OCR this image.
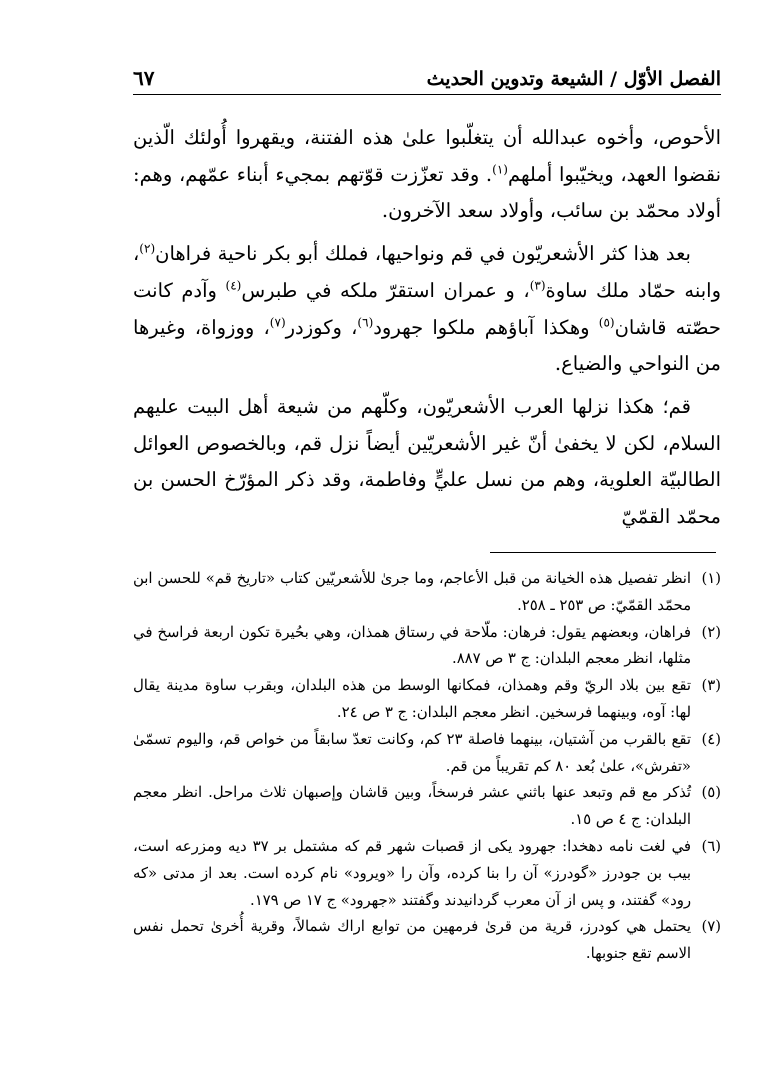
الفصل الأوّل / الشيعة وتدوين الحديث
٦٧

الأحوص، وأخوه عبدالله أن يتغلّبوا علىٰ هذه الفتنة، ويقهروا أُولئك الّذين نقضوا العهد، ويخيّبوا أملهم$^{(١)}$. وقد تعزّزت قوّتهم بمجيء أبناء عمّهم، وهم: أولاد محمّد بن سائب، وأولاد سعد الآخرون.

بعد هذا كثر الأشعريّون في قم ونواحيها، فملك أبو بكر ناحية فراهان$^{(٢)}$، وابنه حمّاد ملك ساوة$^{(٣)}$، و عمران استقرّ ملكه في طبرس$^{(٤)}$ وآدم كانت حصّته قاشان$^{(٥)}$ وهكذا آباؤهم ملكوا جهرود$^{(٦)}$، وكوزدر$^{(٧)}$، ووزواة، وغيرها من النواحي والضياع.

قم؛ هكذا نزلها العرب الأشعريّون، وكلّهم من شيعة أهل البيت عليهم السلام، لكن لا يخفىٰ أنّ غير الأشعريّين أيضاً نزل قم، وبالخصوص العوائل الطالبيّة العلوية، وهم من نسل عليٍّ وفاطمة، وقد ذكر المؤرّخ الحسن بن محمّد القمّيّ

(١)
انظر تفصيل هذه الخيانة من قبل الأعاجم، وما جرىٰ للأشعريّين كتاب «تاريخ قم» للحسن ابن محمّد القمّيّ: ص ٢٥٣ ـ ٢٥٨.

(٢)
فراهان، وبعضهم يقول: فرهان: ملّاحة في رستاق همذان، وهي بحُيرة تكون اربعة فراسخ في مثلها، انظر معجم البلدان: ج ٣ ص ٨٨٧.

(٣)
تقع بين بلاد الريّ وقم وهمذان، فمكانها الوسط من هذه البلدان، وبقرب ساوة مدينة يقال لها: آوه، وبينهما فرسخين. انظر معجم البلدان: ج ٣ ص ٢٤.

(٤)
تقع بالقرب من آشتيان، بينهما فاصلة ٢٣ كم، وكانت تعدّ سابقاً من خواص قم، واليوم تسمّىٰ «تفرش»، علىٰ بُعد ٨٠ كم تقريباً من قم.

(٥)
تُذكر مع قم وتبعد عنها باثني عشر فرسخاً، وبين قاشان وإصبهان ثلاث مراحل. انظر معجم البلدان: ج ٤ ص ١٥.

(٦)
في لغت نامه دهخدا: جهرود يكى از قصبات شهر قم كه مشتمل بر ٣٧ ديه ومزرعه است، بيب بن جودرز «گودرز» آن را بنا كرده، وآن را «ويرود» نام كرده است. بعد از مدتى «كه رود» گفتند، و پس از آن معرب گردانيدند وگفتند «جهرود» ج ١٧ ص ١٧٩.

(٧)
يحتمل هي كودرز، قرية من قرىٰ فرمهين من توابع اراك شمالاً، وقرية أُخرىٰ تحمل نفس الاسم تقع جنوبها.
